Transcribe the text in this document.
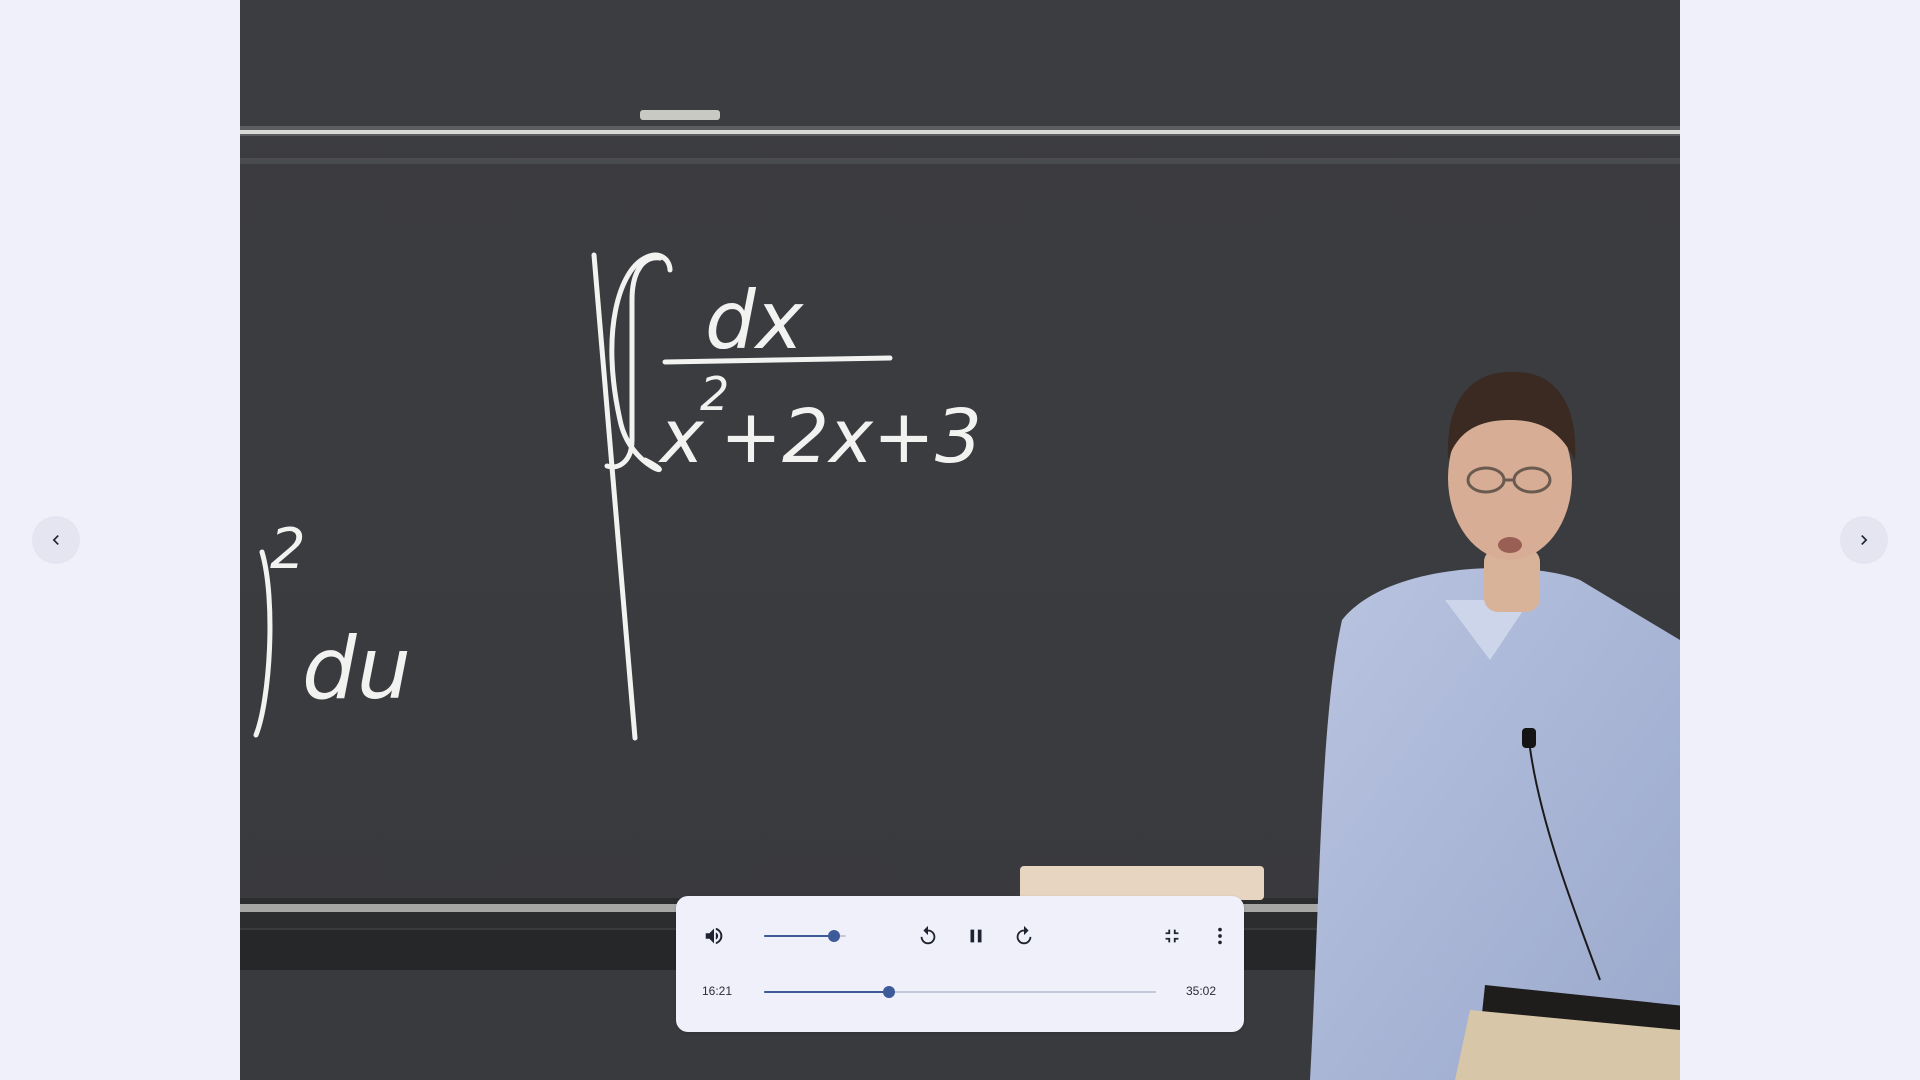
dx
x
2
+2x+3
2
du
16:21	35:02
